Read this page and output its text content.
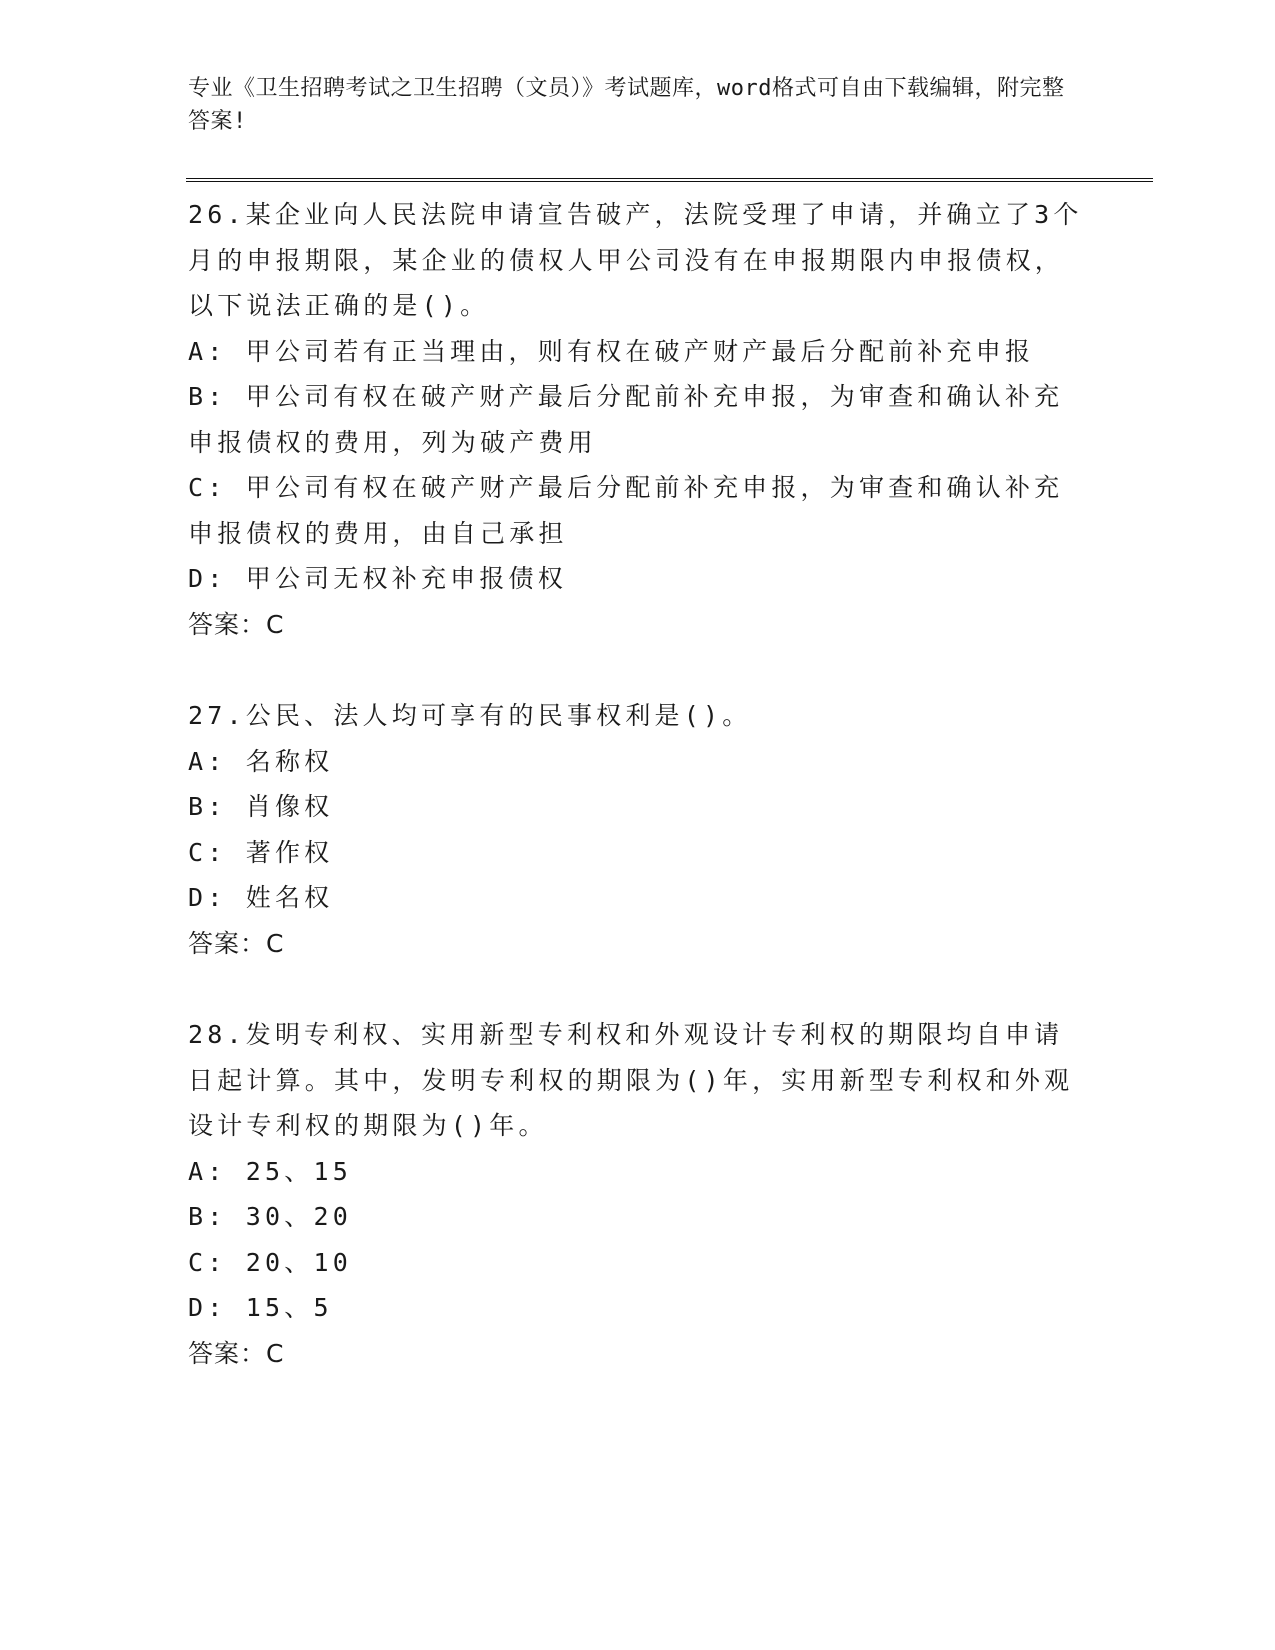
专业《卫生招聘考试之卫生招聘（文员）》考试题库，word格式可自由下载编辑，附完整答案!

26.某企业向人民法院申请宣告破产，法院受理了申请，并确立了3个月的申报期限，某企业的债权人甲公司没有在申报期限内申报债权，以下说法正确的是()。

A: 甲公司若有正当理由，则有权在破产财产最后分配前补充申报

B: 甲公司有权在破产财产最后分配前补充申报，为审查和确认补充申报债权的费用，列为破产费用

C: 甲公司有权在破产财产最后分配前补充申报，为审查和确认补充申报债权的费用，由自己承担

D: 甲公司无权补充申报债权

答案：C

27.公民、法人均可享有的民事权利是()。

A: 名称权

B: 肖像权

C: 著作权

D: 姓名权

答案：C

28.发明专利权、实用新型专利权和外观设计专利权的期限均自申请日起计算。其中，发明专利权的期限为()年，实用新型专利权和外观设计专利权的期限为()年。

A: 25、15

B: 30、20

C: 20、10

D: 15、5

答案：C
